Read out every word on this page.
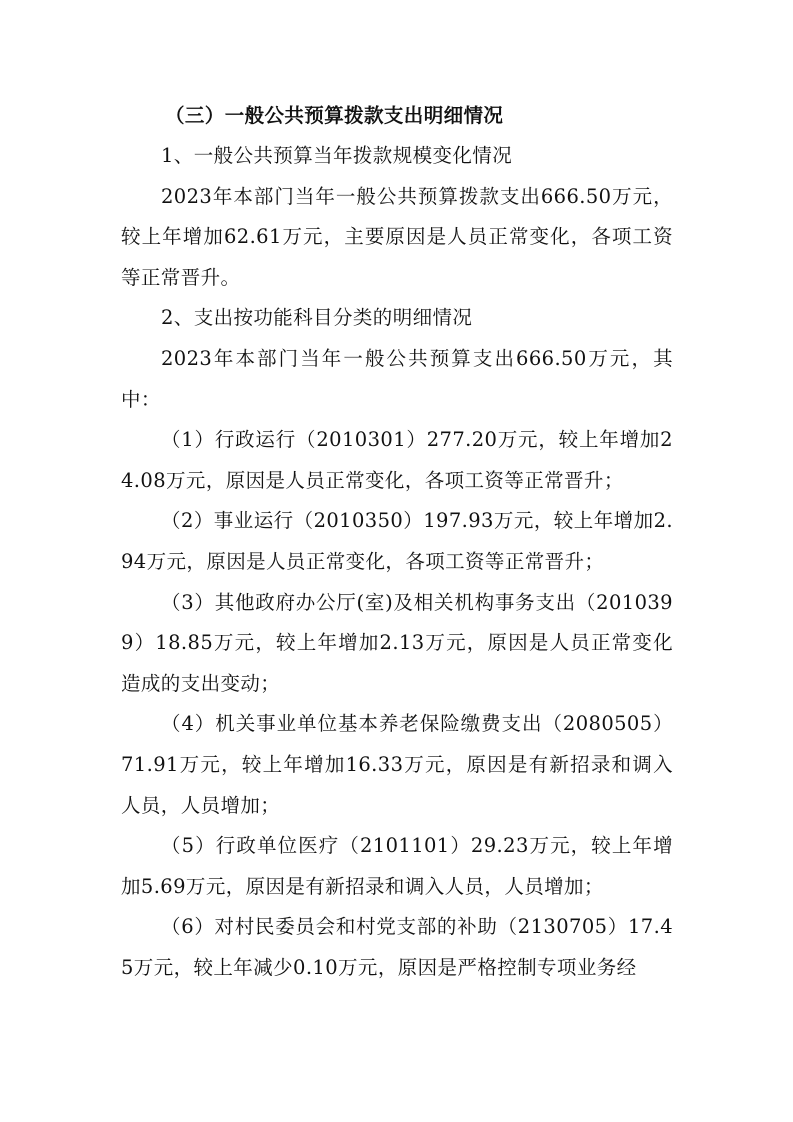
（三）一般公共预算拨款支出明细情况

1、一般公共预算当年拨款规模变化情况

2023年本部门当年一般公共预算拨款支出666.50万元，较上年增加62.61万元，主要原因是人员正常变化，各项工资等正常晋升。

2、支出按功能科目分类的明细情况

2023年本部门当年一般公共预算支出666.50万元，其中：

（1）行政运行（2010301）277.20万元，较上年增加24.08万元，原因是人员正常变化，各项工资等正常晋升；

（2）事业运行（2010350）197.93万元，较上年增加2.94万元，原因是人员正常变化，各项工资等正常晋升；

（3）其他政府办公厅(室)及相关机构事务支出（2010399）18.85万元，较上年增加2.13万元，原因是人员正常变化造成的支出变动；

（4）机关事业单位基本养老保险缴费支出（2080505）71.91万元，较上年增加16.33万元，原因是有新招录和调入人员，人员增加；

（5）行政单位医疗（2101101）29.23万元，较上年增加5.69万元，原因是有新招录和调入人员，人员增加；

（6）对村民委员会和村党支部的补助（2130705）17.45万元，较上年减少0.10万元，原因是严格控制专项业务经
